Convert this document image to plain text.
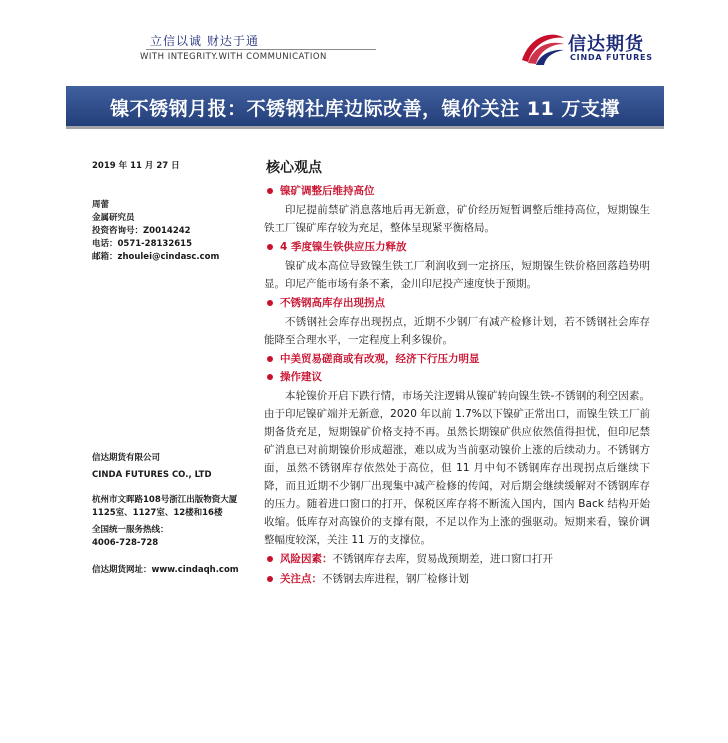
立信以诚 财达于通
WITH INTEGRITY.WITH COMMUNICATION
信达期货
CINDA FUTURES
镍不锈钢月报：不锈钢社库边际改善，镍价关注 11 万支撑
2019 年 11 月 27 日
周蕾
金属研究员
投资咨询号：Z0014242
电话：0571-28132615
邮箱：zhoulei@cindasc.com
信达期货有限公司
CINDA FUTURES CO., LTD
杭州市文晖路108号浙江出版物资大厦1125室、1127室、12楼和16楼
全国统一服务热线：
4006-728-728
信达期货网址：www.cindaqh.com
核心观点
镍矿调整后维持高位

印尼提前禁矿消息落地后再无新意，矿价经历短暂调整后维持高位，短期镍生铁工厂镍矿库存较为充足，整体呈现紧平衡格局。

4 季度镍生铁供应压力释放

镍矿成本高位导致镍生铁工厂利润收到一定挤压，短期镍生铁价格回落趋势明显。印尼产能市场有条不紊，金川印尼投产速度快于预期。

不锈钢高库存出现拐点

不锈钢社会库存出现拐点，近期不少钢厂有减产检修计划，若不锈钢社会库存能降至合理水平，一定程度上利多镍价。

中美贸易磋商或有改观，经济下行压力明显
操作建议

本轮镍价开启下跌行情，市场关注逻辑从镍矿转向镍生铁-不锈钢的利空因素。由于印尼镍矿端并无新意，2020 年以前 1.7%以下镍矿正常出口，而镍生铁工厂前期备货充足，短期镍矿价格支持不再。虽然长期镍矿供应依然值得担忧，但印尼禁矿消息已对前期镍价形成超涨，难以成为当前驱动镍价上涨的后续动力。不锈钢方面，虽然不锈钢库存依然处于高位，但 11 月中旬不锈钢库存出现拐点后继续下降，而且近期不少钢厂出现集中减产检修的传闻，对后期会继续缓解对不锈钢库存的压力。随着进口窗口的打开，保税区库存将不断流入国内，国内 Back 结构开始收缩。低库存对高镍价的支撑有限，不足以作为上涨的强驱动。短期来看，镍价调整幅度较深，关注 11 万的支撑位。

风险因素：不锈钢库存去库，贸易战预期差，进口窗口打开
关注点：不锈钢去库进程，钢厂检修计划
